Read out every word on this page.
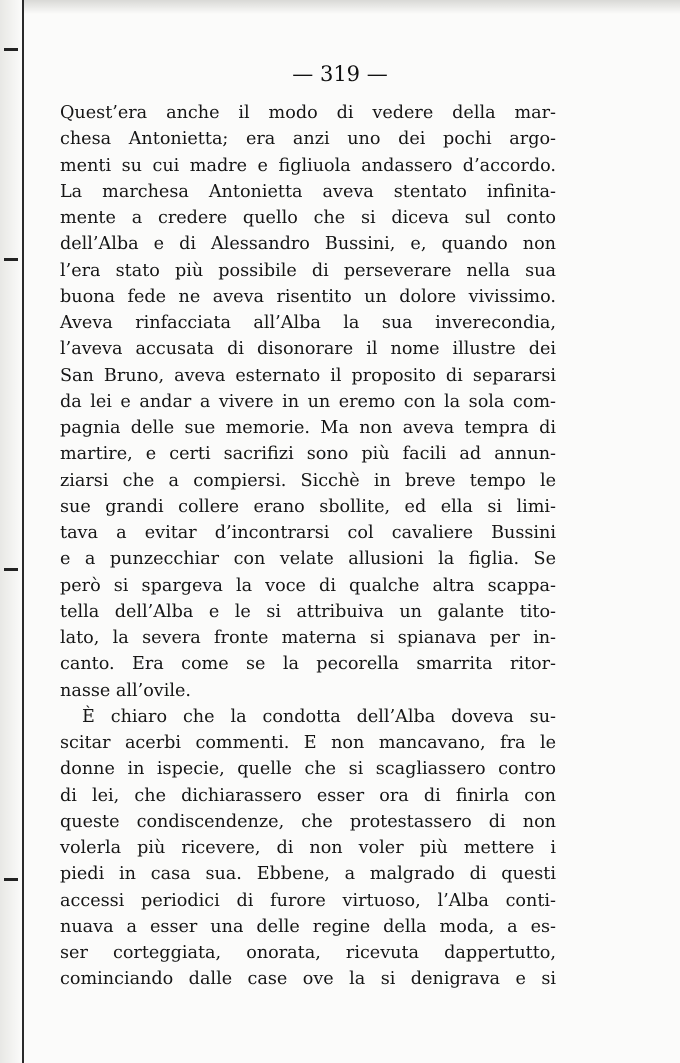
— 319 —
Quest’era anche il modo di vedere della mar-
chesa Antonietta; era anzi uno dei pochi argo-
menti su cui madre e figliuola andassero d’accordo.
La marchesa Antonietta aveva stentato infinita-
mente a credere quello che si diceva sul conto
dell’Alba e di Alessandro Bussini, e, quando non
l’era stato più possibile di perseverare nella sua
buona fede ne aveva risentito un dolore vivissimo.
Aveva rinfacciata all’Alba la sua inverecondia,
l’aveva accusata di disonorare il nome illustre dei
San Bruno, aveva esternato il proposito di separarsi
da lei e andar a vivere in un eremo con la sola com-
pagnia delle sue memorie. Ma non aveva tempra di
martire, e certi sacrifizi sono più facili ad annun-
ziarsi che a compiersi. Sicchè in breve tempo le
sue grandi collere erano sbollite, ed ella si limi-
tava a evitar d’incontrarsi col cavaliere Bussini
e a punzecchiar con velate allusioni la figlia. Se
però si spargeva la voce di qualche altra scappa-
tella dell’Alba e le si attribuiva un galante tito-
lato, la severa fronte materna si spianava per in-
canto. Era come se la pecorella smarrita ritor-
nasse all’ovile.
È chiaro che la condotta dell’Alba doveva su-
scitar acerbi commenti. E non mancavano, fra le
donne in ispecie, quelle che si scagliassero contro
di lei, che dichiarassero esser ora di finirla con
queste condiscendenze, che protestassero di non
volerla più ricevere, di non voler più mettere i
piedi in casa sua. Ebbene, a malgrado di questi
accessi periodici di furore virtuoso, l’Alba conti-
nuava a esser una delle regine della moda, a es-
ser corteggiata, onorata, ricevuta dappertutto,
cominciando dalle case ove la si denigrava e si
